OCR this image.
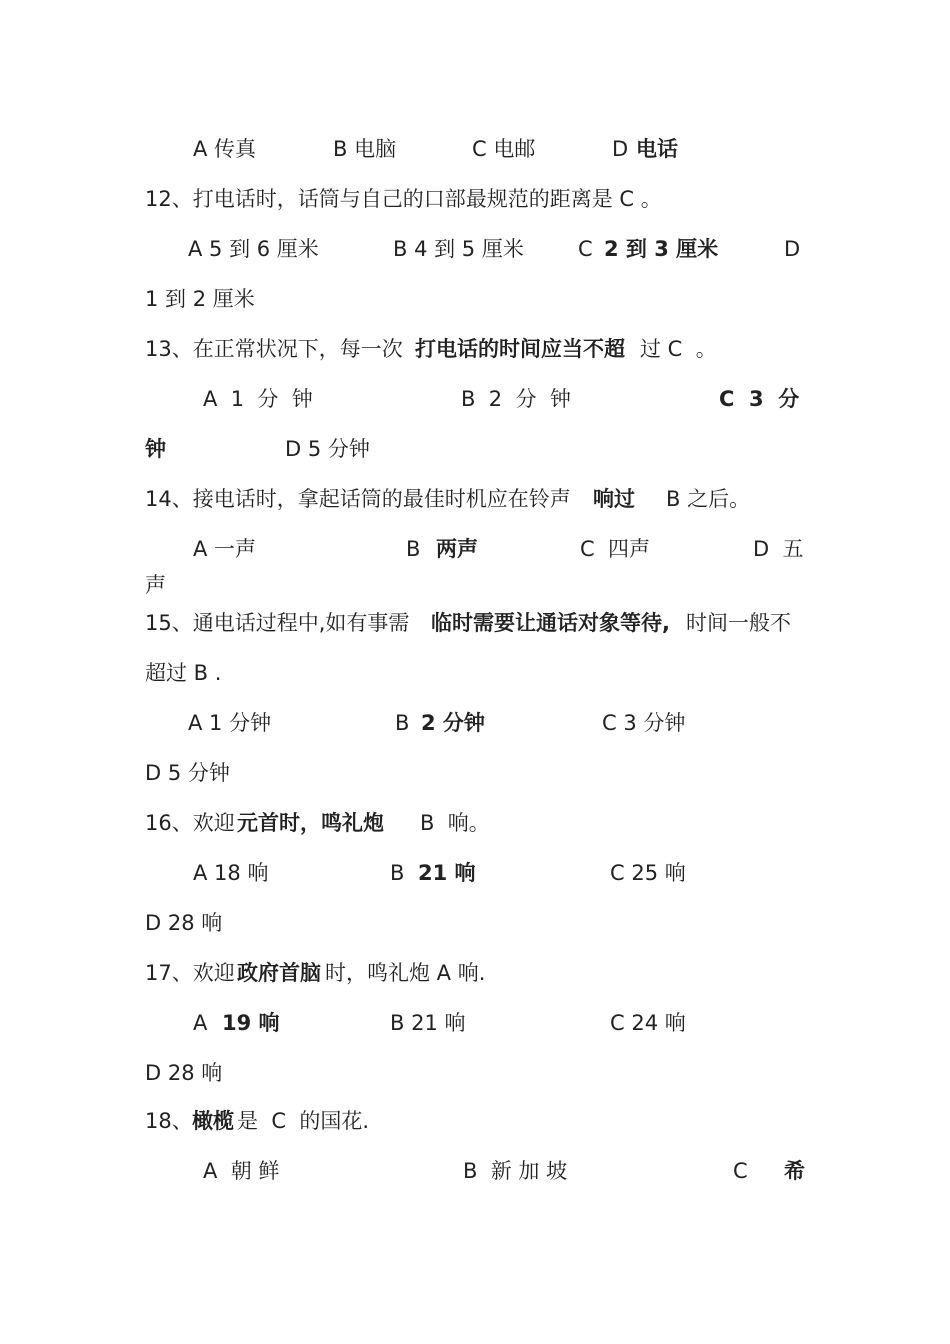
A 传真	B 电脑	C 电邮	D 电话
12、打电话时，话筒与自己的口部最规范的距离是 C 。
A 5 到 6 厘米	B 4 到 5 厘米	C 2 到 3 厘米	D
1 到 2 厘米
13、在正常状况下，每一次 打电话的时间应当不超 过 C  。
A  1  分  钟	B  2  分  钟	C  3  分
钟	D 5 分钟
14、接电话时，拿起话筒的最佳时机应在铃声 响过 B 之后。
A 一声	B 两声	C  四声	D  五
声
15、通电话过程中,如有事需 临时需要让通话对象等待, 时间一般不
超过 B .
A 1 分钟	B 2 分钟	C 3 分钟
D 5 分钟
16、欢迎 元首时，鸣礼炮 B  响。
A 18 响	B 21 响	C 25 响
D 28 响
17、欢迎 政府首脑 时，鸣礼炮 A 响.
A 19 响	B 21 响	C 24 响
D 28 响
18、 橄榄 是  C  的国花.
A  朝 鲜	B  新 加 坡	C 希
